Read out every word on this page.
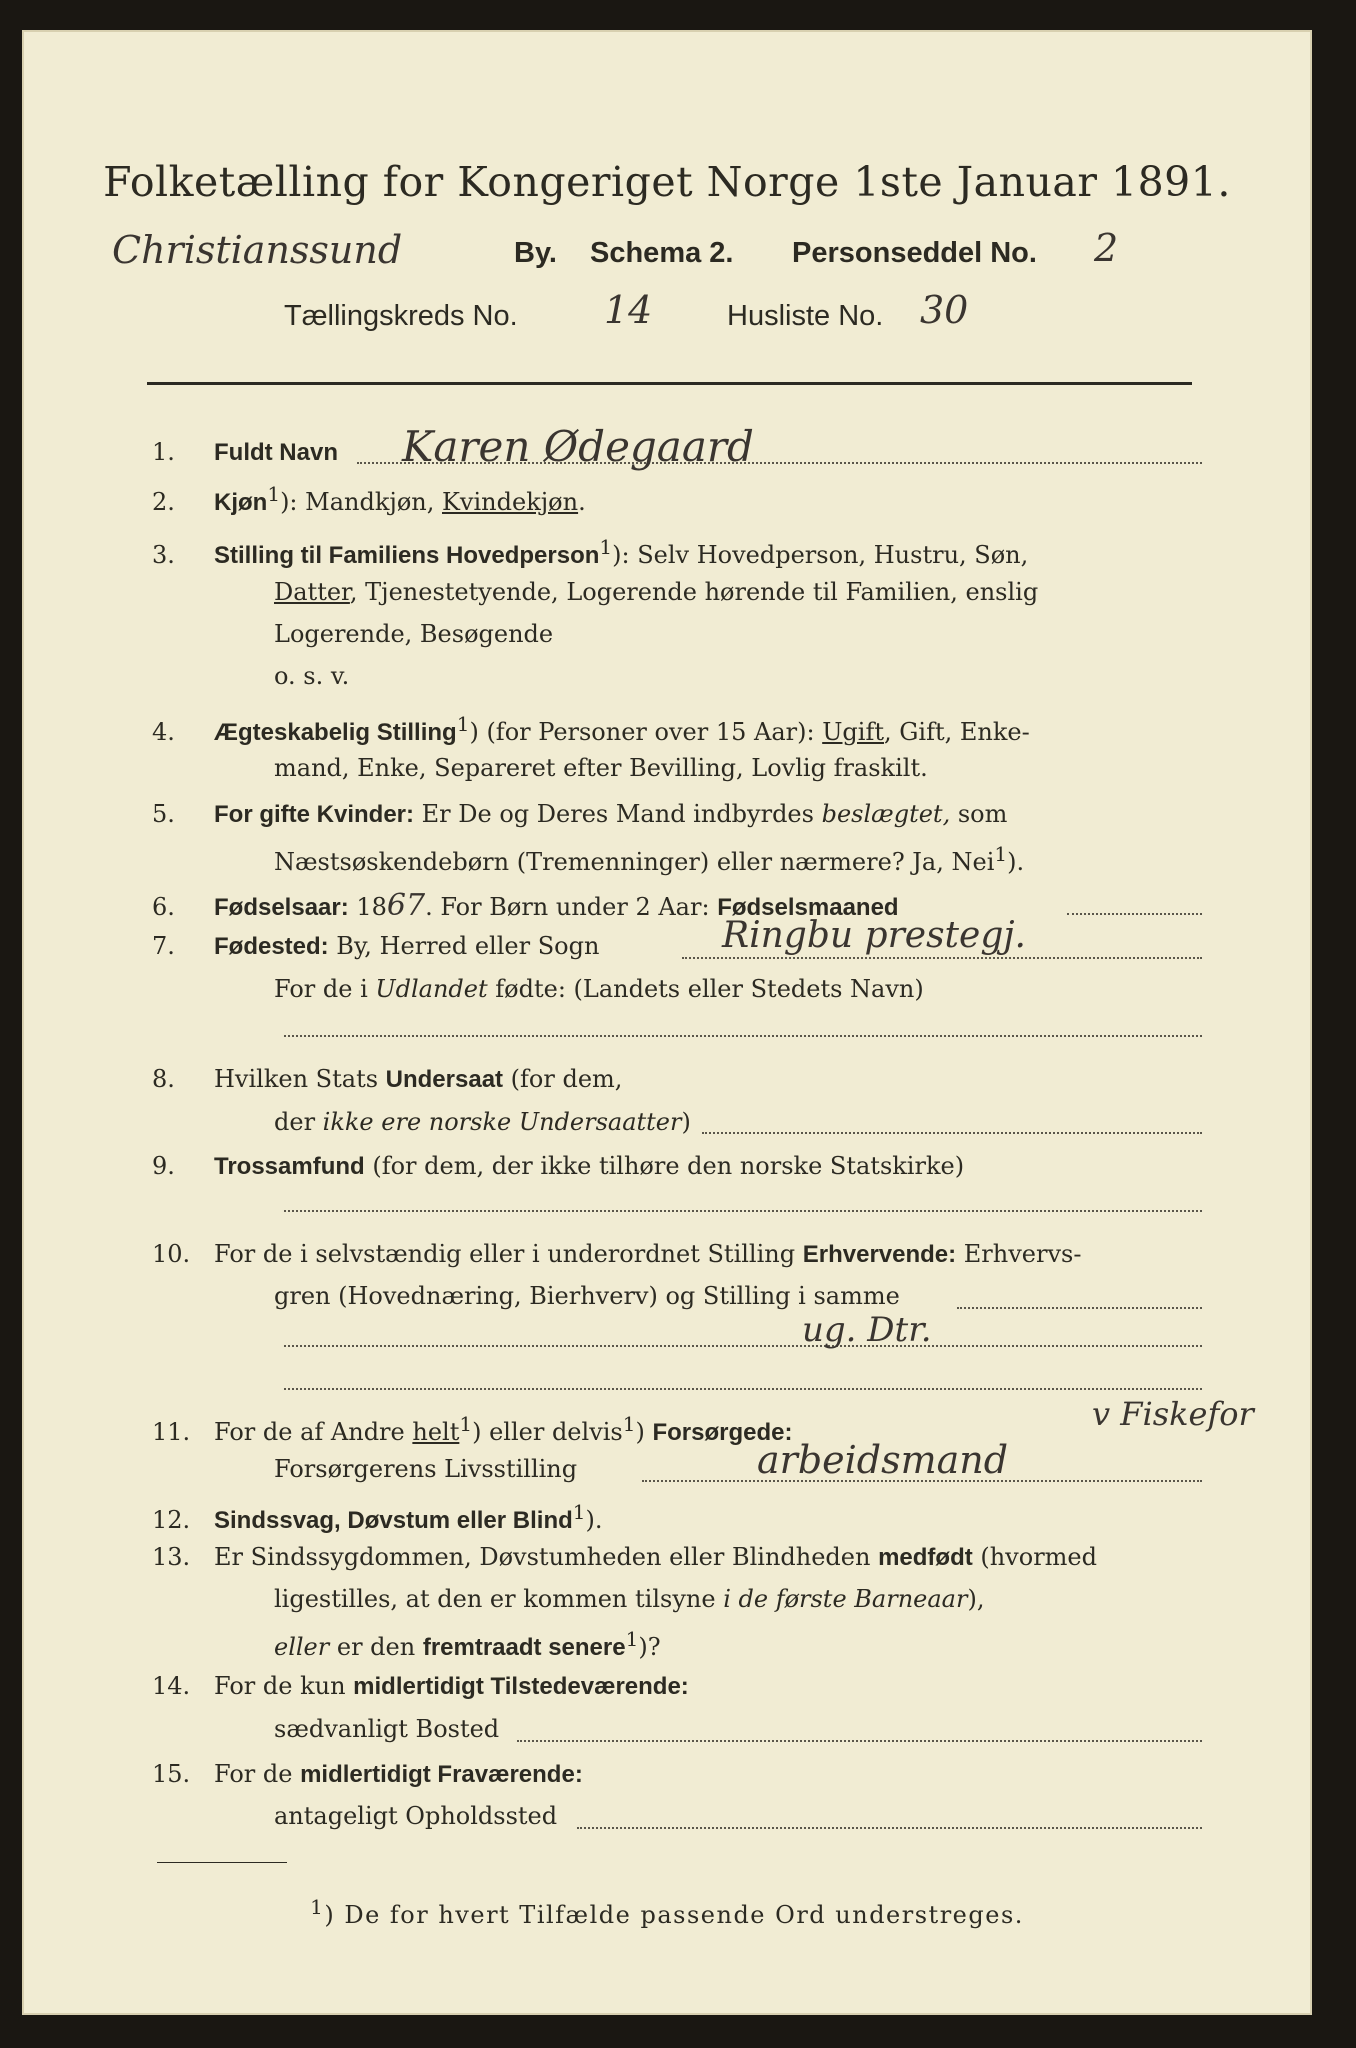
Folketælling for Kongeriget Norge 1ste Januar 1891.
Christianssund	By. Schema 2. Personseddel No. 2
Tællingskreds No. 14	Husliste No. 30
1. Fuldt Navn Karen Ødegaard
2. Kjøn$^1$): Mandkjøn, Kvindekjøn.
3. Stilling til Familiens Hovedperson$^1$): Selv Hovedperson, Hustru, Søn,
Datter, Tjenestetyende, Logerende hørende til Familien, enslig
Logerende, Besøgende
o. s. v.
4. Ægteskabelig Stilling$^1$) (for Personer over 15 Aar): Ugift, Gift, Enke-
mand, Enke, Separeret efter Bevilling, Lovlig fraskilt.
5. For gifte Kvinder: Er De og Deres Mand indbyrdes beslægtet, som
Næstsøskendebørn (Tremenninger) eller nærmere? Ja, Nei$^1$).
6. Fødselsaar: 1867. For Børn under 2 Aar: Fødselsmaaned
7. Fødested: By, Herred eller Sogn	Ringbu prestegj.
For de i Udlandet fødte: (Landets eller Stedets Navn)
8. Hvilken Stats Undersaat (for dem,
der ikke ere norske Undersaatter)
9. Trossamfund (for dem, der ikke tilhøre den norske Statskirke)
10. For de i selvstændig eller i underordnet Stilling Erhvervende: Erhvervs-
gren (Hovednæring, Bierhverv) og Stilling i samme
ug. Dtr.
11. For de af Andre helt$^1$) eller delvis$^1$) Forsørgede:	v Fiskefor
Forsørgerens Livsstilling	arbeidsmand
12. Sindssvag, Døvstum eller Blind$^1$).
13. Er Sindssygdommen, Døvstumheden eller Blindheden medfødt (hvormed
ligestilles, at den er kommen tilsyne i de første Barneaar),
eller er den fremtraadt senere$^1$)?
14. For de kun midlertidigt Tilstedeværende:
sædvanligt Bosted
15. For de midlertidigt Fraværende:
antageligt Opholdssted
$^1$) De for hvert Tilfælde passende Ord understreges.
